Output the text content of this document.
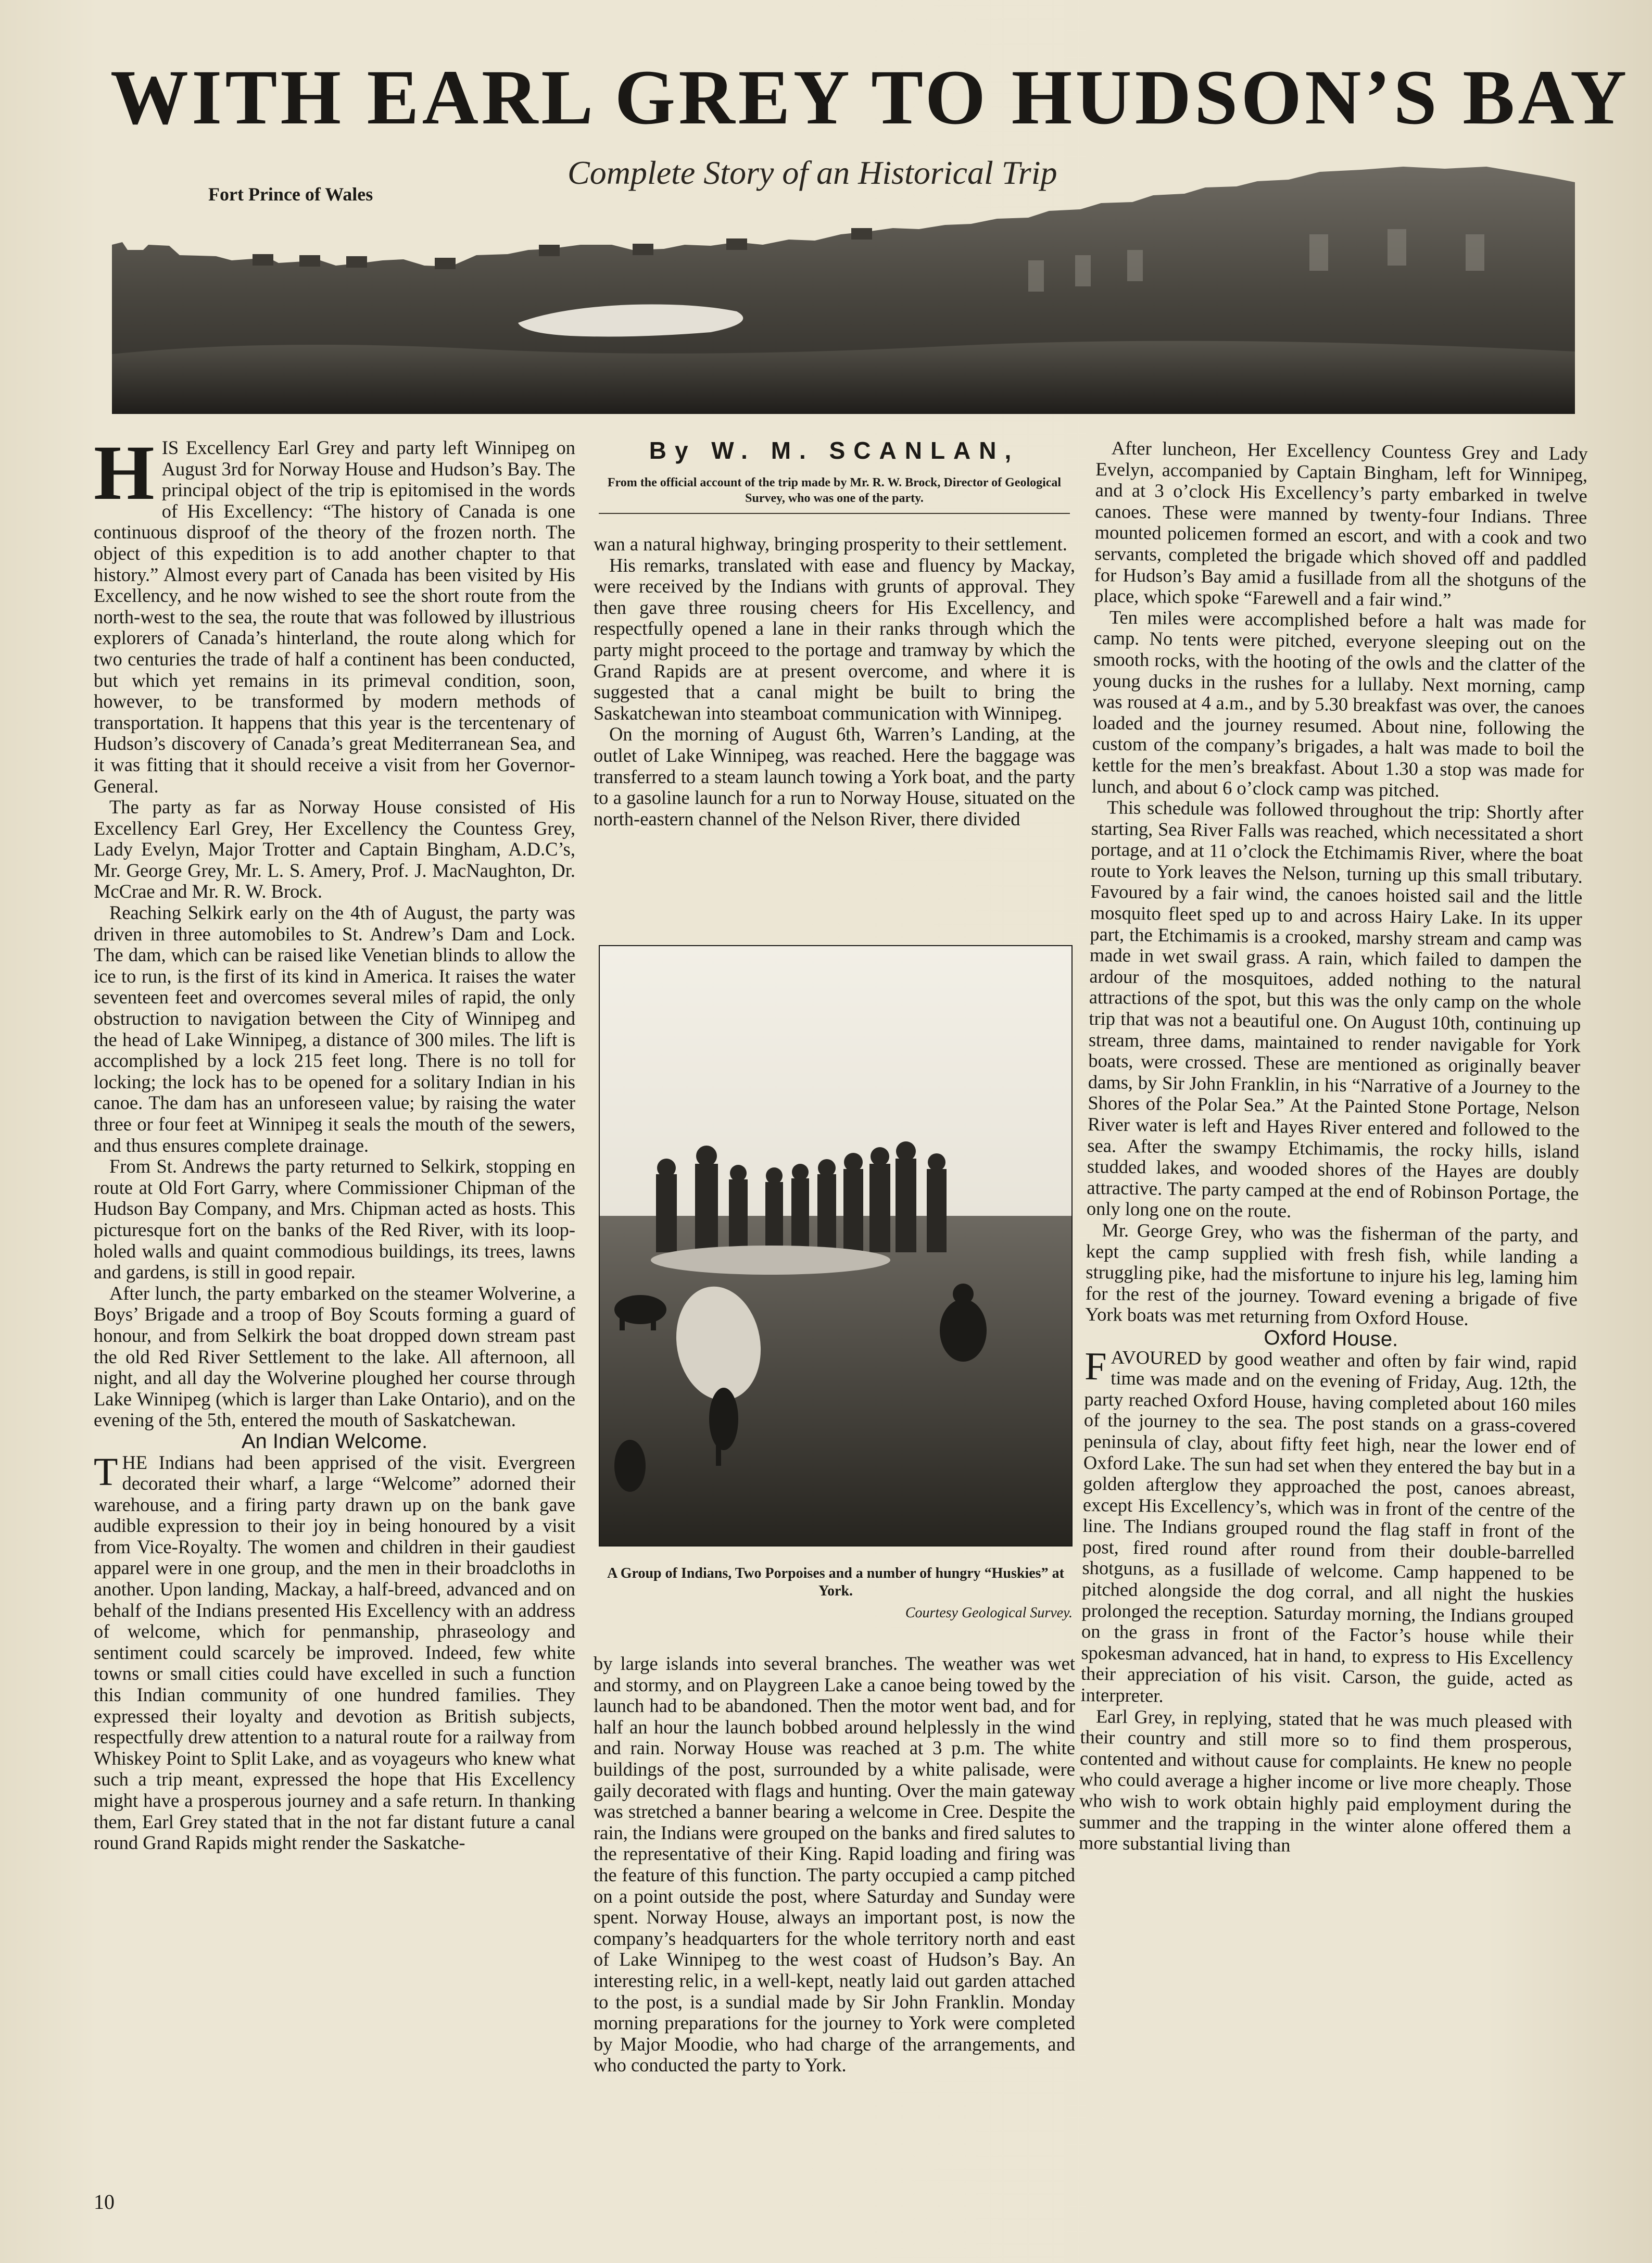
WITH EARL GREY TO HUDSON’S BAY
Complete Story of an Historical Trip
Fort Prince of Wales

HIS Excellency Earl Grey and party left Winnipeg on August 3rd for Norway House and Hudson’s Bay. The principal object of the trip is epitomised in the words of His Excellency: “The history of Canada is one continuous disproof of the theory of the frozen north. The object of this expedition is to add another chapter to that history.” Almost every part of Canada has been visited by His Excellency, and he now wished to see the short route from the north-west to the sea, the route that was followed by illustrious explorers of Canada’s hinterland, the route along which for two centuries the trade of half a continent has been conducted, but which yet remains in its primeval condition, soon, however, to be transformed by modern methods of transportation. It happens that this year is the tercentenary of Hudson’s discovery of Canada’s great Mediterranean Sea, and it was fitting that it should receive a visit from her Governor-General.

The party as far as Norway House consisted of His Excellency Earl Grey, Her Excellency the Countess Grey, Lady Evelyn, Major Trotter and Captain Bingham, A.D.C’s, Mr. George Grey, Mr. L. S. Amery, Prof. J. MacNaughton, Dr. McCrae and Mr. R. W. Brock.

Reaching Selkirk early on the 4th of August, the party was driven in three automobiles to St. Andrew’s Dam and Lock. The dam, which can be raised like Venetian blinds to allow the ice to run, is the first of its kind in America. It raises the water seventeen feet and overcomes several miles of rapid, the only obstruction to navigation between the City of Winnipeg and the head of Lake Winnipeg, a distance of 300 miles. The lift is accomplished by a lock 215 feet long. There is no toll for locking; the lock has to be opened for a solitary Indian in his canoe. The dam has an unforeseen value; by raising the water three or four feet at Winnipeg it seals the mouth of the sewers, and thus ensures complete drainage.

From St. Andrews the party returned to Selkirk, stopping en route at Old Fort Garry, where Commissioner Chipman of the Hudson Bay Company, and Mrs. Chipman acted as hosts. This picturesque fort on the banks of the Red River, with its loop-holed walls and quaint commodious buildings, its trees, lawns and gardens, is still in good repair.

After lunch, the party embarked on the steamer Wolverine, a Boys’ Brigade and a troop of Boy Scouts forming a guard of honour, and from Selkirk the boat dropped down stream past the old Red River Settlement to the lake. All afternoon, all night, and all day the Wolverine ploughed her course through Lake Winnipeg (which is larger than Lake Ontario), and on the evening of the 5th, entered the mouth of Saskatchewan.

An Indian Welcome.

THE Indians had been apprised of the visit. Evergreen decorated their wharf, a large “Welcome” adorned their warehouse, and a firing party drawn up on the bank gave audible expression to their joy in being honoured by a visit from Vice-Royalty. The women and children in their gaudiest apparel were in one group, and the men in their broadcloths in another. Upon landing, Mackay, a half-breed, advanced and on behalf of the Indians presented His Excellency with an address of welcome, which for penmanship, phraseology and sentiment could scarcely be improved. Indeed, few white towns or small cities could have excelled in such a function this Indian community of one hundred families. They expressed their loyalty and devotion as British subjects, respectfully drew attention to a natural route for a railway from Whiskey Point to Split Lake, and as voyageurs who knew what such a trip meant, expressed the hope that His Excellency might have a prosperous journey and a safe return. In thanking them, Earl Grey stated that in the not far distant future a canal round Grand Rapids might render the Saskatche-

By W. M. SCANLAN,
From the official account of the trip made by Mr. R. W. Brock, Director of Geological Survey, who was one of the party.

wan a natural highway, bringing prosperity to their settlement.

His remarks, translated with ease and fluency by Mackay, were received by the Indians with grunts of approval. They then gave three rousing cheers for His Excellency, and respectfully opened a lane in their ranks through which the party might proceed to the portage and tramway by which the Grand Rapids are at present overcome, and where it is suggested that a canal might be built to bring the Saskatchewan into steamboat communication with Winnipeg.

On the morning of August 6th, Warren’s Landing, at the outlet of Lake Winnipeg, was reached. Here the baggage was transferred to a steam launch towing a York boat, and the party to a gasoline launch for a run to Norway House, situated on the north-eastern channel of the Nelson River, there divided

A Group of Indians, Two Porpoises and a number of hungry “Huskies” at York.
Courtesy Geological Survey.

by large islands into several branches. The weather was wet and stormy, and on Playgreen Lake a canoe being towed by the launch had to be abandoned. Then the motor went bad, and for half an hour the launch bobbed around helplessly in the wind and rain. Norway House was reached at 3 p.m. The white buildings of the post, surrounded by a white palisade, were gaily decorated with flags and hunting. Over the main gateway was stretched a banner bearing a welcome in Cree. Despite the rain, the Indians were grouped on the banks and fired salutes to the representative of their King. Rapid loading and firing was the feature of this function. The party occupied a camp pitched on a point outside the post, where Saturday and Sunday were spent. Norway House, always an important post, is now the company’s headquarters for the whole territory north and east of Lake Winnipeg to the west coast of Hudson’s Bay. An interesting relic, in a well-kept, neatly laid out garden attached to the post, is a sundial made by Sir John Franklin. Monday morning preparations for the journey to York were completed by Major Moodie, who had charge of the arrangements, and who conducted the party to York.

After luncheon, Her Excellency Countess Grey and Lady Evelyn, accompanied by Captain Bingham, left for Winnipeg, and at 3 o’clock His Excellency’s party embarked in twelve canoes. These were manned by twenty-four Indians. Three mounted policemen formed an escort, and with a cook and two servants, completed the brigade which shoved off and paddled for Hudson’s Bay amid a fusillade from all the shotguns of the place, which spoke “Farewell and a fair wind.”

Ten miles were accomplished before a halt was made for camp. No tents were pitched, everyone sleeping out on the smooth rocks, with the hooting of the owls and the clatter of the young ducks in the rushes for a lullaby. Next morning, camp was roused at 4 a.m., and by 5.30 breakfast was over, the canoes loaded and the journey resumed. About nine, following the custom of the company’s brigades, a halt was made to boil the kettle for the men’s breakfast. About 1.30 a stop was made for lunch, and about 6 o’clock camp was pitched.

This schedule was followed throughout the trip: Shortly after starting, Sea River Falls was reached, which necessitated a short portage, and at 11 o’clock the Etchimamis River, where the boat route to York leaves the Nelson, turning up this small tributary. Favoured by a fair wind, the canoes hoisted sail and the little mosquito fleet sped up to and across Hairy Lake. In its upper part, the Etchimamis is a crooked, marshy stream and camp was made in wet swail grass. A rain, which failed to dampen the ardour of the mosquitoes, added nothing to the natural attractions of the spot, but this was the only camp on the whole trip that was not a beautiful one. On August 10th, continuing up stream, three dams, maintained to render navigable for York boats, were crossed. These are mentioned as originally beaver dams, by Sir John Franklin, in his “Narrative of a Journey to the Shores of the Polar Sea.” At the Painted Stone Portage, Nelson River water is left and Hayes River entered and followed to the sea. After the swampy Etchimamis, the rocky hills, island studded lakes, and wooded shores of the Hayes are doubly attractive. The party camped at the end of Robinson Portage, the only long one on the route.

Mr. George Grey, who was the fisherman of the party, and kept the camp supplied with fresh fish, while landing a struggling pike, had the misfortune to injure his leg, laming him for the rest of the journey. Toward evening a brigade of five York boats was met returning from Oxford House.

Oxford House.

FAVOURED by good weather and often by fair wind, rapid time was made and on the evening of Friday, Aug. 12th, the party reached Oxford House, having completed about 160 miles of the journey to the sea. The post stands on a grass-covered peninsula of clay, about fifty feet high, near the lower end of Oxford Lake. The sun had set when they entered the bay but in a golden afterglow they approached the post, canoes abreast, except His Excellency’s, which was in front of the centre of the line. The Indians grouped round the flag staff in front of the post, fired round after round from their double-barrelled shotguns, as a fusillade of welcome. Camp happened to be pitched alongside the dog corral, and all night the huskies prolonged the reception. Saturday morning, the Indians grouped on the grass in front of the Factor’s house while their spokesman advanced, hat in hand, to express to His Excellency their appreciation of his visit. Carson, the guide, acted as interpreter.

Earl Grey, in replying, stated that he was much pleased with their country and still more so to find them prosperous, contented and without cause for complaints. He knew no people who could average a higher income or live more cheaply. Those who wish to work obtain highly paid employment during the summer and the trapping in the winter alone offered them a more substantial living than

10
